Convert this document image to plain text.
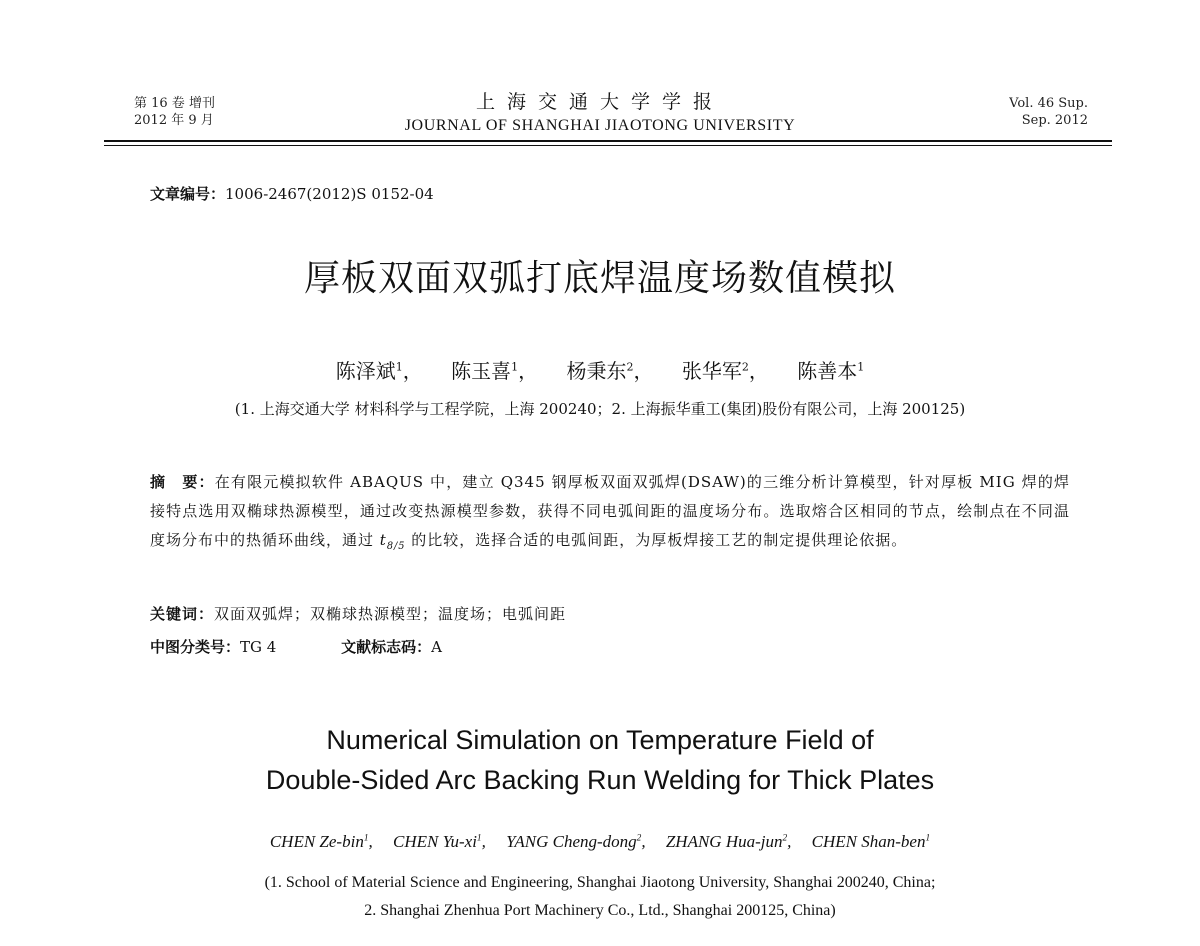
第 16 卷 增刊
2012 年 9 月
上海交通大学学报
JOURNAL OF SHANGHAI JIAOTONG UNIVERSITY
Vol. 46 Sup.
Sep. 2012
文章编号：1006-2467(2012)S 0152-04
厚板双面双弧打底焊温度场数值模拟
陈泽斌$^1$， 陈玉喜$^1$， 杨秉东$^2$， 张华军$^2$， 陈善本$^1$
(1. 上海交通大学 材料科学与工程学院，上海 200240；2. 上海振华重工(集团)股份有限公司，上海 200125)
摘　要：在有限元模拟软件 ABAQUS 中，建立 Q345 钢厚板双面双弧焊(DSAW)的三维分析计算模型，针对厚板 MIG 焊的焊接特点选用双椭球热源模型，通过改变热源模型参数，获得不同电弧间距的温度场分布。选取熔合区相同的节点，绘制点在不同温度场分布中的热循环曲线，通过 $t_{8/5}$ 的比较，选择合适的电弧间距，为厚板焊接工艺的制定提供理论依据。
关键词：双面双弧焊；双椭球热源模型；温度场；电弧间距
中图分类号：TG 4	文献标志码：A
Numerical Simulation on Temperature Field of
Double-Sided Arc Backing Run Welding for Thick Plates
CHEN Ze-bin$^1$, CHEN $Yu-xi^1$, YANG Cheng-dong$^2$, ZHANG Hua-jun$^2$, CHEN Shan-ben$^1$
(1. School of Material Science and Engineering, Shanghai Jiaotong University, Shanghai 200240, China;
2. Shanghai Zhenhua Port Machinery Co., Ltd., Shanghai 200125, China)
